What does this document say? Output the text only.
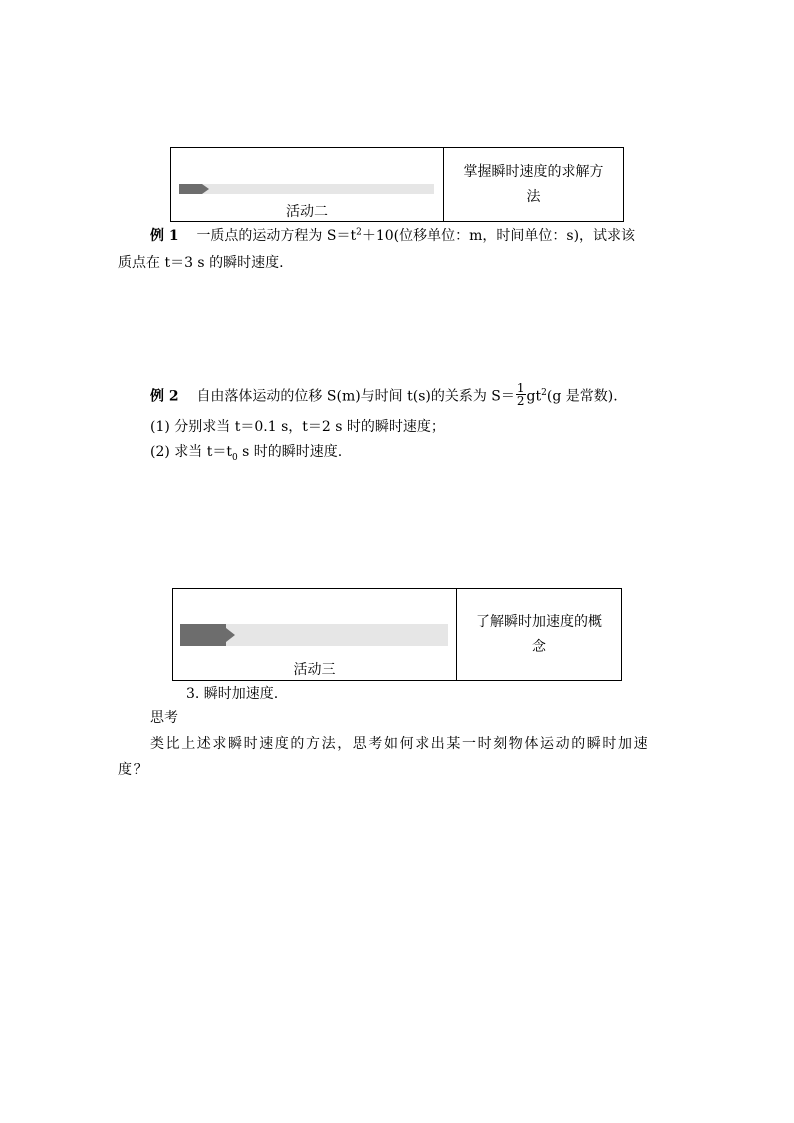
活动二
掌握瞬时速度的求解方
法
例 1 一质点的运动方程为 $S=t^2+10$(位移单位：m，时间单位：s)，试求该
质点在 t＝3 s 的瞬时速度.
例 2 自由落体运动的位移 S(m)与时间 t(s)的关系为 $S= \frac{1}{2} gt^2(g$ 是常数).
(1) 分别求当 t＝0.1 s，t＝2 s 时的瞬时速度；
(2) 求当 $t=t_0$ s 时的瞬时速度.
活动三
了解瞬时加速度的概
念
3. 瞬时加速度.
思考
类比上述求瞬时速度的方法，思考如何求出某一时刻物体运动的瞬时加速
度？
